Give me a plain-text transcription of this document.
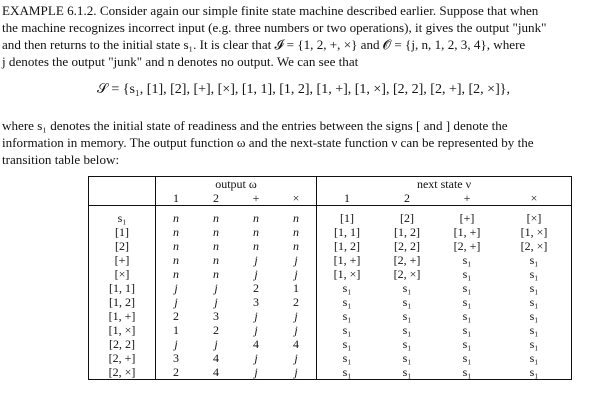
EXAMPLE 6.1.2. Consider again our simple finite state machine described earlier. Suppose that when
the machine recognizes incorrect input (e.g. three numbers or two operations), it gives the output "junk"
and then returns to the initial state s₁. It is clear that 𝓘 = {1, 2, +, ×} and 𝓞 = {j, n, 1, 2, 3, 4}, where
j denotes the output "junk" and n denotes no output. We can see that

𝒮 = {s₁, [1], [2], [+], [×], [1, 1], [1, 2], [1, +], [1, ×], [2, 2], [2, +], [2, ×]},

where s₁ denotes the initial state of readiness and the entries between the signs [ and ] denote the
information in memory. The output function ω and the next-state function ν can be represented by the
transition table below:

	output ω				next state ν			
	1	2	+	×	1	2	+	×

s₁	n	n	n	n	[1]	[2]	[+]	[×]
[1]	n	n	n	n	[1, 1]	[1, 2]	[1, +]	[1, ×]
[2]	n	n	n	n	[1, 2]	[2, 2]	[2, +]	[2, ×]
[+]	n	n	j	j	[1, +]	[2, +]	s₁	s₁
[×]	n	n	j	j	[1, ×]	[2, ×]	s₁	s₁
[1, 1]	j	j	2	1	s₁	s₁	s₁	s₁
[1, 2]	j	j	3	2	s₁	s₁	s₁	s₁
[1, +]	2	3	j	j	s₁	s₁	s₁	s₁
[1, ×]	1	2	j	j	s₁	s₁	s₁	s₁
[2, 2]	j	j	4	4	s₁	s₁	s₁	s₁
[2, +]	3	4	j	j	s₁	s₁	s₁	s₁
[2, ×]	2	4	j	j	s₁	s₁	s₁	s₁
